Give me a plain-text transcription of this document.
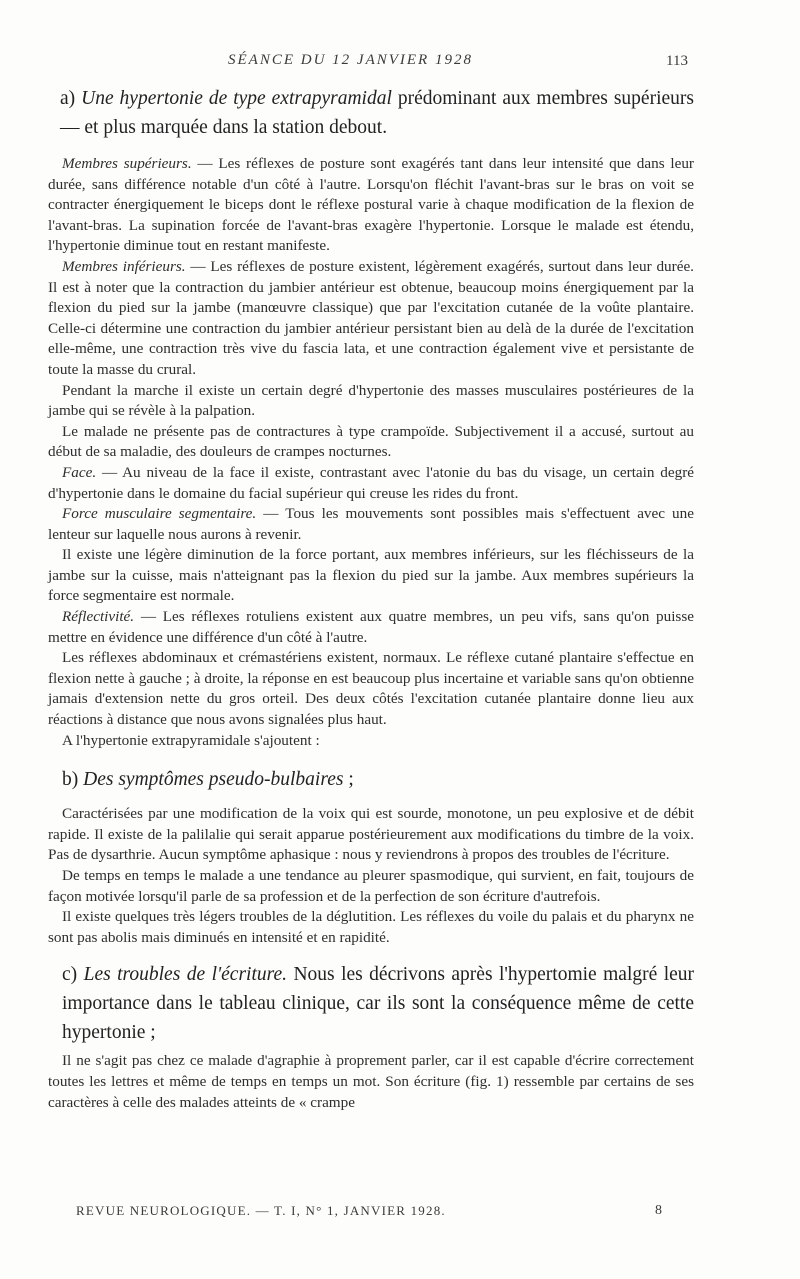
SÉANCE DU 12 JANVIER 1928	113
a) Une hypertonie de type extrapyramidal prédominant aux membres supérieurs — et plus marquée dans la station debout.

Membres supérieurs. — Les réflexes de posture sont exagérés tant dans leur intensité que dans leur durée, sans différence notable d'un côté à l'autre. Lorsqu'on fléchit l'avant-bras sur le bras on voit se contracter énergiquement le biceps dont le réflexe postural varie à chaque modification de la flexion de l'avant-bras. La supination forcée de l'avant-bras exagère l'hypertonie. Lorsque le malade est étendu, l'hypertonie diminue tout en restant manifeste.

Membres inférieurs. — Les réflexes de posture existent, légèrement exagérés, surtout dans leur durée. Il est à noter que la contraction du jambier antérieur est obtenue, beaucoup moins énergiquement par la flexion du pied sur la jambe (manœuvre classique) que par l'excitation cutanée de la voûte plantaire. Celle-ci détermine une contraction du jambier antérieur persistant bien au delà de la durée de l'excitation elle-même, une contraction très vive du fascia lata, et une contraction également vive et persistante de toute la masse du crural.

Pendant la marche il existe un certain degré d'hypertonie des masses musculaires postérieures de la jambe qui se révèle à la palpation.

Le malade ne présente pas de contractures à type crampoïde. Subjectivement il a accusé, surtout au début de sa maladie, des douleurs de crampes nocturnes.

Face. — Au niveau de la face il existe, contrastant avec l'atonie du bas du visage, un certain degré d'hypertonie dans le domaine du facial supérieur qui creuse les rides du front.

Force musculaire segmentaire. — Tous les mouvements sont possibles mais s'effectuent avec une lenteur sur laquelle nous aurons à revenir.

Il existe une légère diminution de la force portant, aux membres inférieurs, sur les fléchisseurs de la jambe sur la cuisse, mais n'atteignant pas la flexion du pied sur la jambe. Aux membres supérieurs la force segmentaire est normale.

Réflectivité. — Les réflexes rotuliens existent aux quatre membres, un peu vifs, sans qu'on puisse mettre en évidence une différence d'un côté à l'autre.

Les réflexes abdominaux et crémastériens existent, normaux. Le réflexe cutané plantaire s'effectue en flexion nette à gauche ; à droite, la réponse en est beaucoup plus incertaine et variable sans qu'on obtienne jamais d'extension nette du gros orteil. Des deux côtés l'excitation cutanée plantaire donne lieu aux réactions à distance que nous avons signalées plus haut.

A l'hypertonie extrapyramidale s'ajoutent :

b) Des symptômes pseudo-bulbaires ;

Caractérisées par une modification de la voix qui est sourde, monotone, un peu explosive et de débit rapide. Il existe de la palilalie qui serait apparue postérieurement aux modifications du timbre de la voix. Pas de dysarthrie. Aucun symptôme aphasique : nous y reviendrons à propos des troubles de l'écriture.

De temps en temps le malade a une tendance au pleurer spasmodique, qui survient, en fait, toujours de façon motivée lorsqu'il parle de sa profession et de la perfection de son écriture d'autrefois.

Il existe quelques très légers troubles de la déglutition. Les réflexes du voile du palais et du pharynx ne sont pas abolis mais diminués en intensité et en rapidité.

c) Les troubles de l'écriture. Nous les décrivons après l'hypertomie malgré leur importance dans le tableau clinique, car ils sont la conséquence même de cette hypertonie ;

Il ne s'agit pas chez ce malade d'agraphie à proprement parler, car il est capable d'écrire correctement toutes les lettres et même de temps en temps un mot. Son écriture (fig. 1) ressemble par certains de ses caractères à celle des malades atteints de « crampe

REVUE NEUROLOGIQUE. — T. I, N° 1, JANVIER 1928.	8
